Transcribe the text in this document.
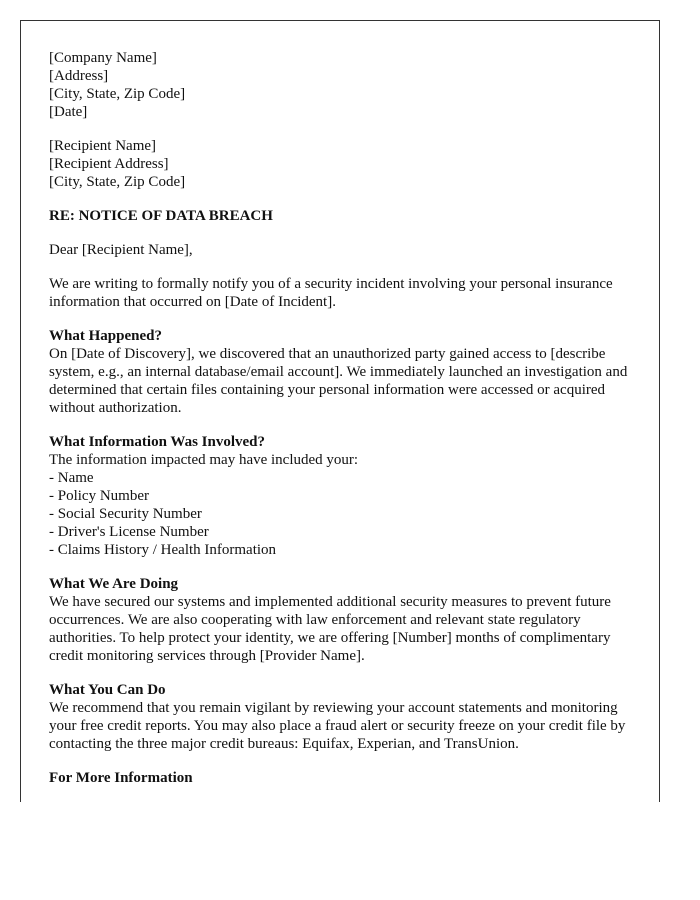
[Company Name]
[Address]
[City, State, Zip Code]
[Date]

[Recipient Name]
[Recipient Address]
[City, State, Zip Code]

RE: NOTICE OF DATA BREACH

Dear [Recipient Name],

We are writing to formally notify you of a security incident involving your personal insurance information that occurred on [Date of Incident].

What Happened?
On [Date of Discovery], we discovered that an unauthorized party gained access to [describe system, e.g., an internal database/email account]. We immediately launched an investigation and determined that certain files containing your personal information were accessed or acquired without authorization.

What Information Was Involved?
The information impacted may have included your:
- Name
- Policy Number
- Social Security Number
- Driver's License Number
- Claims History / Health Information

What We Are Doing
We have secured our systems and implemented additional security measures to prevent future occurrences. We are also cooperating with law enforcement and relevant state regulatory authorities. To help protect your identity, we are offering [Number] months of complimentary credit monitoring services through [Provider Name].

What You Can Do
We recommend that you remain vigilant by reviewing your account statements and monitoring your free credit reports. You may also place a fraud alert or security freeze on your credit file by contacting the three major credit bureaus: Equifax, Experian, and TransUnion.

For More Information
